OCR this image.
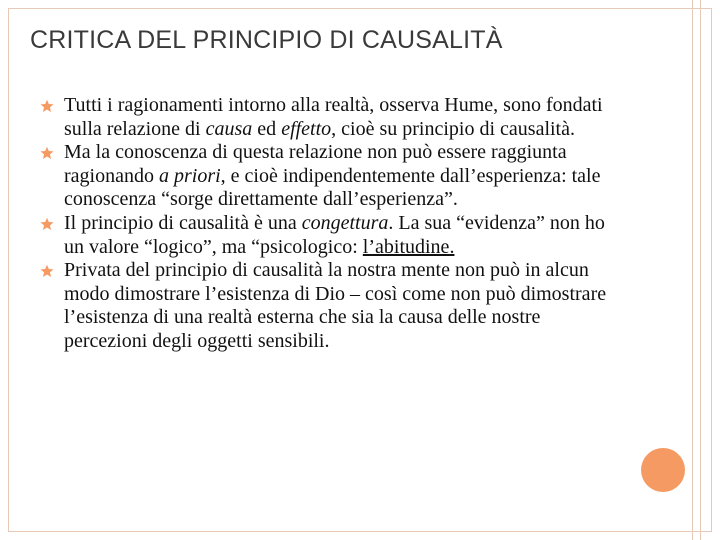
CRITICA DEL PRINCIPIO DI CAUSALITÀ
Tutti i ragionamenti intorno alla realtà, osserva Hume, sono fondati sulla relazione di causa ed effetto, cioè su principio di causalità.
Ma la conoscenza di questa relazione non può essere raggiunta ragionando a priori, e cioè indipendentemente dall’esperienza: tale conoscenza “sorge direttamente dall’esperienza”.
Il principio di causalità è una congettura. La sua “evidenza” non ho un valore “logico”, ma “psicologico: l’abitudine.
Privata del principio di causalità la nostra mente non può in alcun modo dimostrare l’esistenza di Dio – così come non può dimostrare l’esistenza di una realtà esterna che sia la causa delle nostre percezioni degli oggetti sensibili.
